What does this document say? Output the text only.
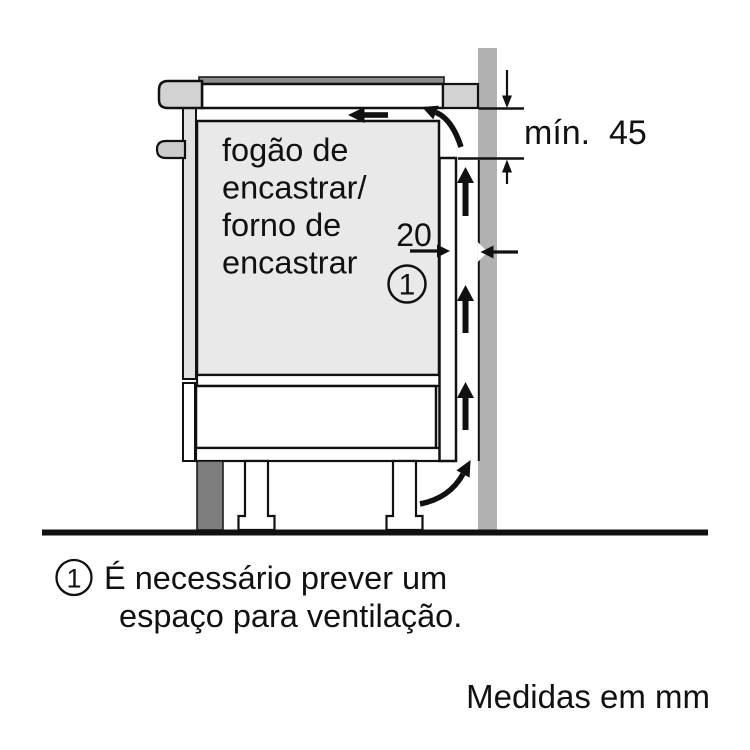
mín.  45
20
1
fogão de
encastrar/
forno de
encastrar
1 É necessário prever um
espaço para ventilação.
Medidas em mm
